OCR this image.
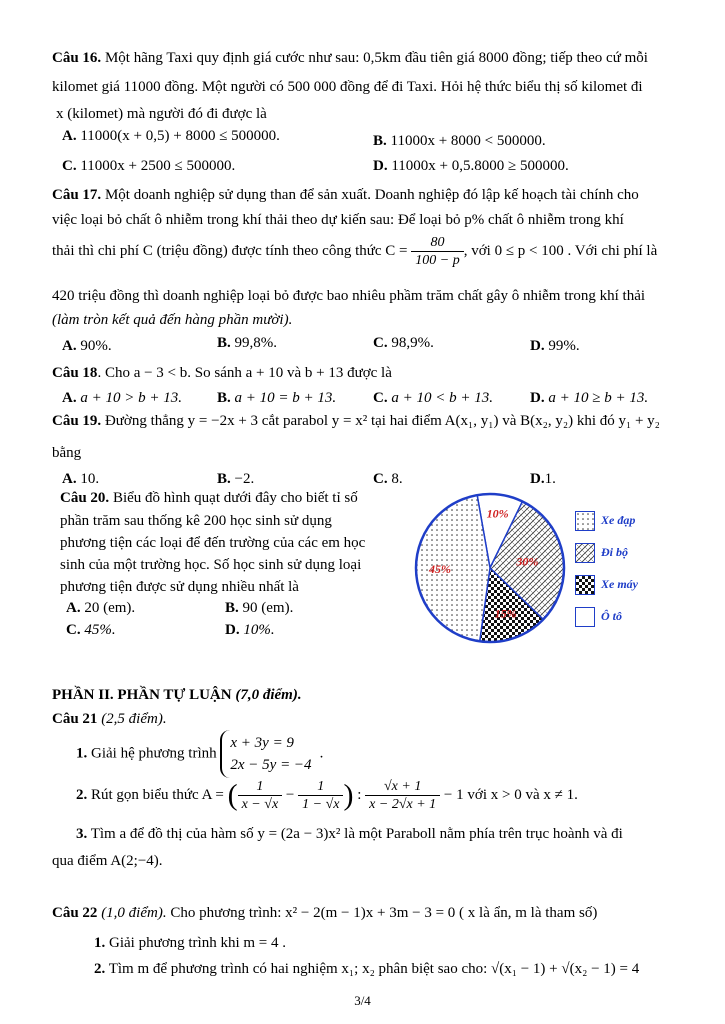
Câu 16. Một hãng Taxi quy định giá cước như sau: 0,5km đầu tiên giá 8000 đồng; tiếp theo cứ mỗi
kilomet giá 11000 đồng. Một người có 500 000 đồng để đi Taxi. Hỏi hệ thức biểu thị số kilomet đi
x (kilomet) mà người đó đi được là
A. 11000(x + 0,5) + 8000 ≤ 500000.	B. 11000x + 8000 < 500000.
C. 11000x + 2500 ≤ 500000.	D. 11000x + 0,5.8000 ≥ 500000.
Câu 17. Một doanh nghiệp sử dụng than để sản xuất. Doanh nghiệp đó lập kế hoạch tài chính cho
việc loại bỏ chất ô nhiễm trong khí thải theo dự kiến sau: Để loại bỏ p% chất ô nhiễm trong khí
thải thì chi phí C (triệu đồng) được tính theo công thức $C = \frac{80}{100 - p}$ , với 0 ≤ p < 100 . Với chi phí là
420 triệu đồng thì doanh nghiệp loại bỏ được bao nhiêu phầm trăm chất gây ô nhiễm trong khí thải
(làm tròn kết quả đến hàng phần mười).
A. 90%.	B. 99,8%.	C. 98,9%.	D. 99%.
Câu 18. Cho a − 3 < b. So sánh a + 10 và b + 13 được là
A. a + 10 > b + 13. B. a + 10 = b + 13. C. a + 10 < b + 13. D. a + 10 ≥ b + 13.
Câu 19. Đường thẳng y = −2x + 3 cắt parabol y = x² tại hai điểm A(x₁, y₁) và B(x₂, y₂) khi đó y₁ + y₂
bằng
A. 10.	B. −2.	C. 8.	D.1.
Câu 20. Biểu đồ hình quạt dưới đây cho biết tỉ số
phần trăm sau thống kê 200 học sinh sử dụng
phương tiện các loại để đến trường của các em học
sinh của một trường học. Số học sinh sử dụng loại
phương tiện được sử dụng nhiều nhất là
A. 20 (em).	B. 90 (em).
C. 45%.	D. 10%.
10%
30%
15%
45%
Xe đạp
Đi bộ
Xe máy
Ô tô
PHẦN II. PHẦN TỰ LUẬN (7,0 điểm).
Câu 21 (2,5 điểm).
1. Giải hệ phương trình
x + 3y = 9
2x − 5y = −4
.
2. Rút gọn biểu thức A = ( $\frac{1}{x - √x} - \frac{1}{1 - √x}$ ) : $\frac{√x + 1}{x - 2√x + 1} - 1$ với x > 0 và x ≠ 1.
3. Tìm a để đồ thị của hàm số y = (2a − 3)x² là một Paraboll nằm phía trên trục hoành và đi
qua điểm A(2;−4).
Câu 22 (1,0 điểm). Cho phương trình: x² − 2(m − 1)x + 3m − 3 = 0 ( x là ẩn, m là tham số)
1. Giải phương trình khi m = 4 .
2. Tìm m để phương trình có hai nghiệm x₁; x₂ phân biệt sao cho: √(x₁ − 1) + √(x₂ − 1) = 4
3/4
